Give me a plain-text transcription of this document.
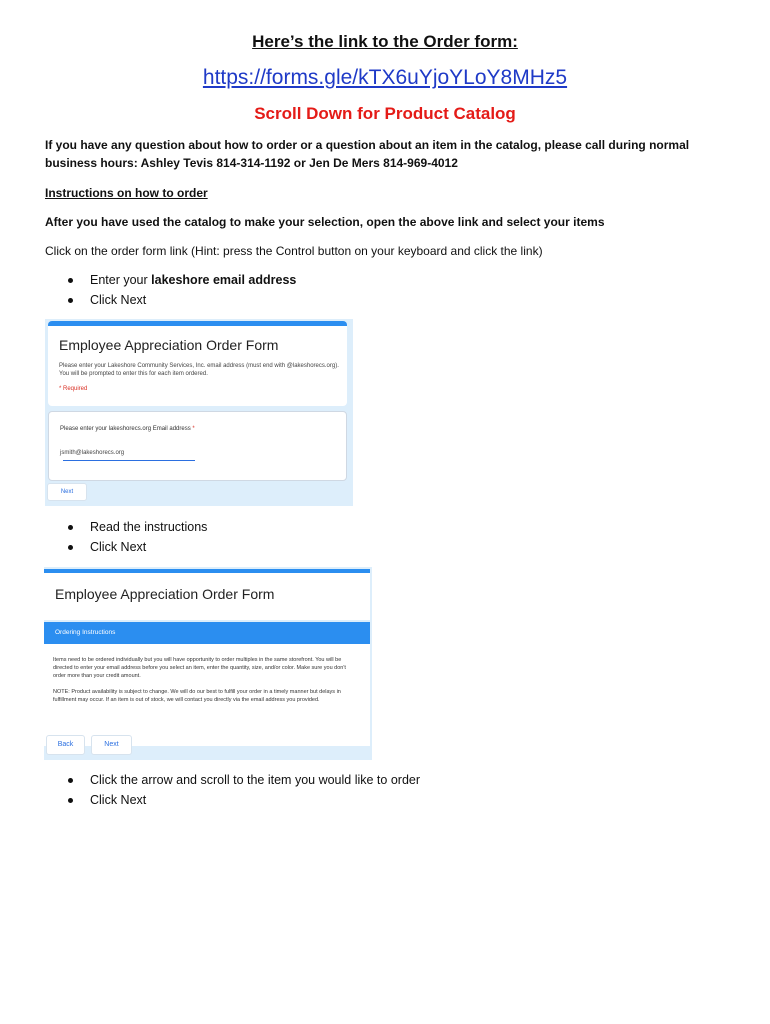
Here’s the link to the Order form:
https://forms.gle/kTX6uYjoYLoY8MHz5
Scroll Down for Product Catalog
If you have any question about how to order or a question about an item in the catalog, please call during normal business hours: Ashley Tevis 814-314-1192 or Jen De Mers 814-969-4012
Instructions on how to order
After you have used the catalog to make your selection, open the above link and select your items
Click on the order form link (Hint: press the Control button on your keyboard and click the link)
Enter your lakeshore email address
Click Next
Employee Appreciation Order Form
Please enter your Lakeshore Community Services, Inc. email address (must end with @lakeshorecs.org). You will be prompted to enter this for each item ordered.
* Required
Please enter your lakeshorecs.org Email address *
jsmith@lakeshorecs.org
Next
Read the instructions
Click Next
Employee Appreciation Order Form
Ordering Instructions
Items need to be ordered individually but you will have opportunity to order multiples in the same storefront. You will be directed to enter your email address before you select an item, enter the quantity, size, and/or color. Make sure you don't order more than your credit amount.
NOTE: Product availability is subject to change. We will do our best to fulfill your order in a timely manner but delays in fulfillment may occur. If an item is out of stock, we will contact you directly via the email address you provided.
Back	Next
Click the arrow and scroll to the item you would like to order
Click Next
